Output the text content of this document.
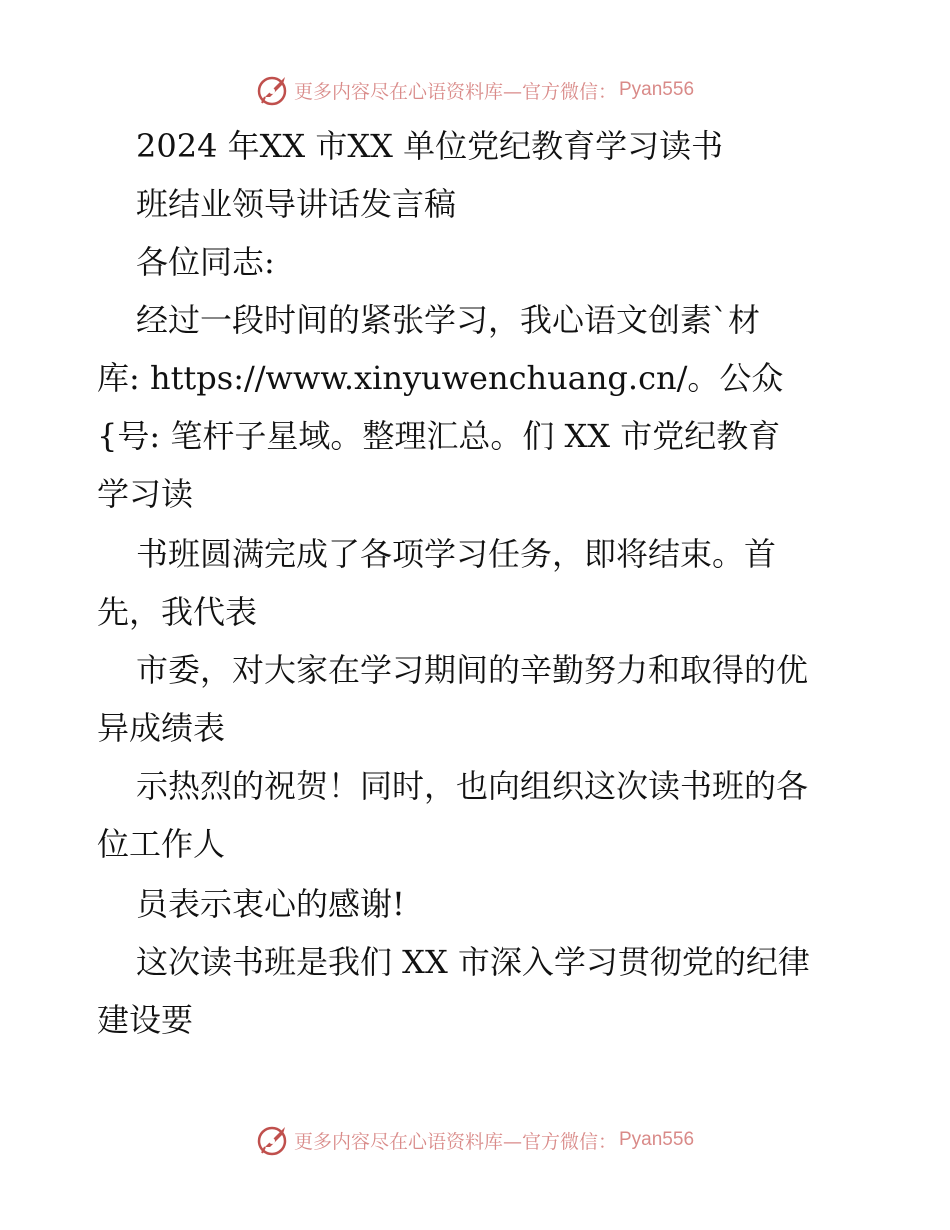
更多内容尽在心语资料库—官方微信： Pyan556
2024 年XX 市XX 单位党纪教育学习读书
班结业领导讲话发言稿
各位同志:
经过一段时间的紧张学习，我心语文创素`材
库: https://www.xinyuwenchuang.cn/。公众
{号: 笔杆子星域。整理汇总。们 XX 市党纪教育
学习读
书班圆满完成了各项学习任务，即将结束。首
先，我代表
市委，对大家在学习期间的辛勤努力和取得的优
异成绩表
示热烈的祝贺！同时，也向组织这次读书班的各
位工作人
员表示衷心的感谢!
这次读书班是我们 XX 市深入学习贯彻党的纪律
建设要
更多内容尽在心语资料库—官方微信： Pyan556
